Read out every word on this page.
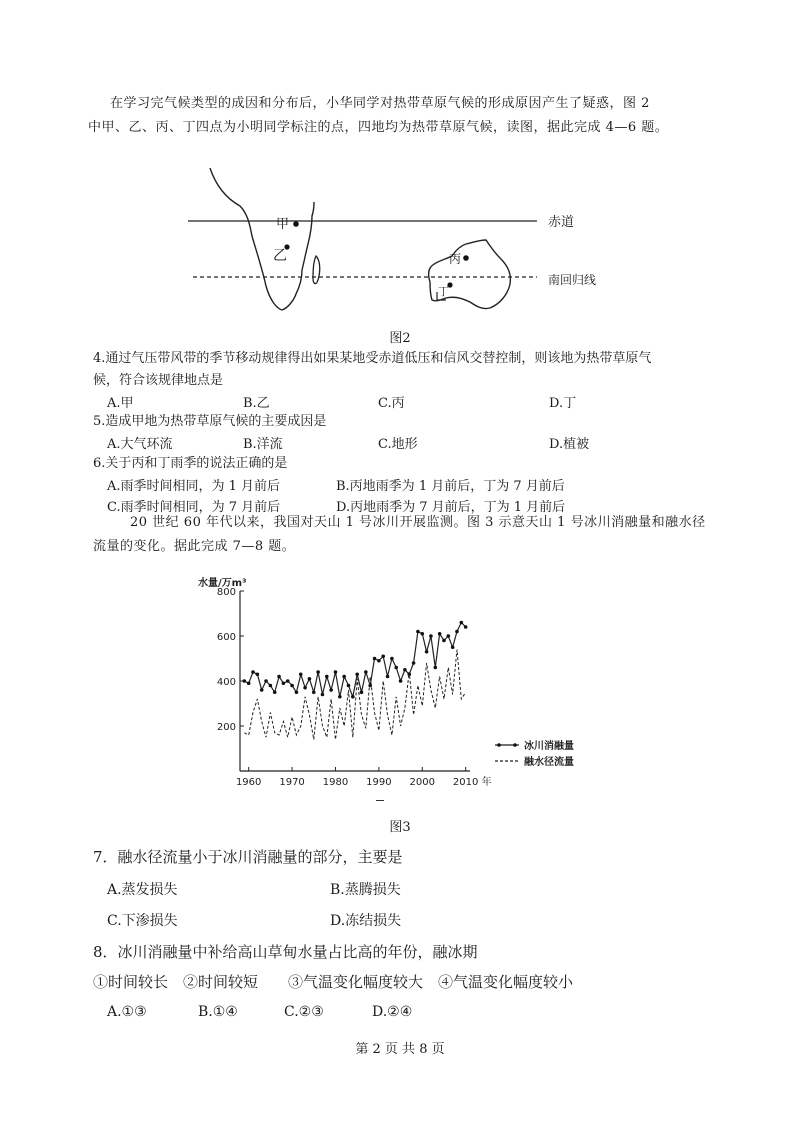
在学习完气候类型的成因和分布后，小华同学对热带草原气候的形成原因产生了疑惑，图 2
中甲、乙、丙、丁四点为小明同学标注的点，四地均为热带草原气候，读图，据此完成 4—6 题。
甲
乙	丙
丁
赤道
南回归线
图2
4.通过气压带风带的季节移动规律得出如果某地受赤道低压和信风交替控制，则该地为热带草原气
候，符合该规律地点是
A.甲	B.乙	C.丙	D.丁
5.造成甲地为热带草原气候的主要成因是
A.大气环流	B.洋流	C.地形	D.植被
6.关于丙和丁雨季的说法正确的是
A.雨季时间相同，为 1 月前后	B.丙地雨季为 1 月前后，丁为 7 月前后
C.雨季时间相同，为 7 月前后	D.丙地雨季为 7 月前后，丁为 1 月前后
20 世纪 60 年代以来，我国对天山 1 号冰川开展监测。图 3 示意天山 1 号冰川消融量和融水径
流量的变化。据此完成 7—8 题。
200
400
600
800
1960 1970 1980 1990 2000 2010 年
水量/万m³
冰川消融量
融水径流量
图3
7．融水径流量小于冰川消融量的部分，主要是
A.蒸发损失	B.蒸腾损失
C.下渗损失	D.冻结损失
8．冰川消融量中补给高山草甸水量占比高的年份，融冰期
①时间较长　②时间较短　　③气温变化幅度较大　④气温变化幅度较小
A.①③	B.①④	C.②③	D.②④
第 2 页 共 8 页
